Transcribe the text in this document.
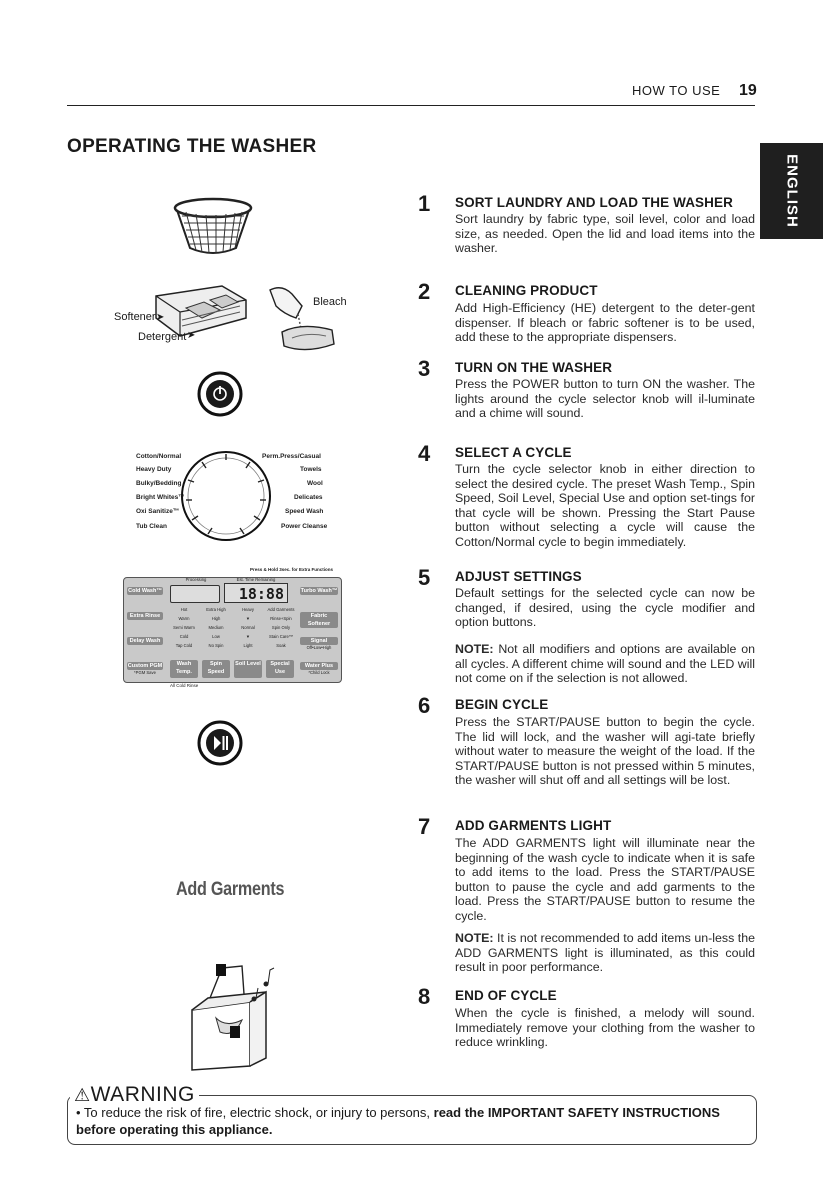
HOW TO USE 19
ENGLISH
OPERATING THE WASHER
Softener ➤
Detergent ➤
Bleach
Cotton/Normal
Heavy Duty
Bulky/Bedding
Bright Whites™
Oxi Sanitize™
Tub Clean
Perm.Press/Casual
Towels
Wool
Delicates
Speed Wash
Power Cleanse
Press & Hold 3sec. for Extra Functions
Processing	Est. Time Remaining
18:88
Cold Wash™
Extra Rinse
Delay Wash
Custom PGM
*PGM Save
Turbo Wash™
Fabric Softener
Signal
Off•Low•High
Water Plus
*Child Lock
Wash Temp.
Spin Speed
Soil Level	Special Use
Hot
Warm
Semi Warm
Cold
Tap Cold
Extra High
High
Medium
Low
No Spin
Heavy
▼
Normal
▼
Light
Add Garments
Rinse+Spin
Spin Only
Stain Care™
Soak
All Cold Rinse
Add Garments
1 SORT LAUNDRY AND LOAD THE WASHER
Sort laundry by fabric type, soil level, color and load size, as needed. Open the lid and load items into the washer.
2 CLEANING PRODUCT
Add High-Efficiency (HE) detergent to the deter-gent dispenser. If bleach or fabric softener is to be used, add these to the appropriate dispensers.
3 TURN ON THE WASHER
Press the POWER button to turn ON the washer. The lights around the cycle selector knob will il-luminate and a chime will sound.
4 SELECT A CYCLE
Turn the cycle selector knob in either direction to select the desired cycle. The preset Wash Temp., Spin Speed, Soil Level, Special Use and option set-tings for that cycle will be shown. Pressing the Start Pause button without selecting a cycle will cause the Cotton/Normal cycle to begin immediately.
5 ADJUST SETTINGS
Default settings for the selected cycle can now be changed, if desired, using the cycle modifier and option buttons.
NOTE: Not all modifiers and options are available on all cycles. A different chime will sound and the LED will not come on if the selection is not allowed.
6 BEGIN CYCLE
Press the START/PAUSE button to begin the cycle. The lid will lock, and the washer will agi-tate briefly without water to measure the weight of the load. If the START/PAUSE button is not pressed within 5 minutes, the washer will shut off and all settings will be lost.
7 ADD GARMENTS LIGHT
The ADD GARMENTS light will illuminate near the beginning of the wash cycle to indicate when it is safe to add items to the load. Press the START/PAUSE button to pause the cycle and add garments to the load. Press the START/PAUSE button to resume the cycle.
NOTE: It is not recommended to add items un-less the ADD GARMENTS light is illuminated, as this could result in poor performance.
8 END OF CYCLE
When the cycle is finished, a melody will sound. Immediately remove your clothing from the washer to reduce wrinkling.
⚠WARNING
• To reduce the risk of fire, electric shock, or injury to persons, read the IMPORTANT SAFETY INSTRUCTIONS before operating this appliance.
